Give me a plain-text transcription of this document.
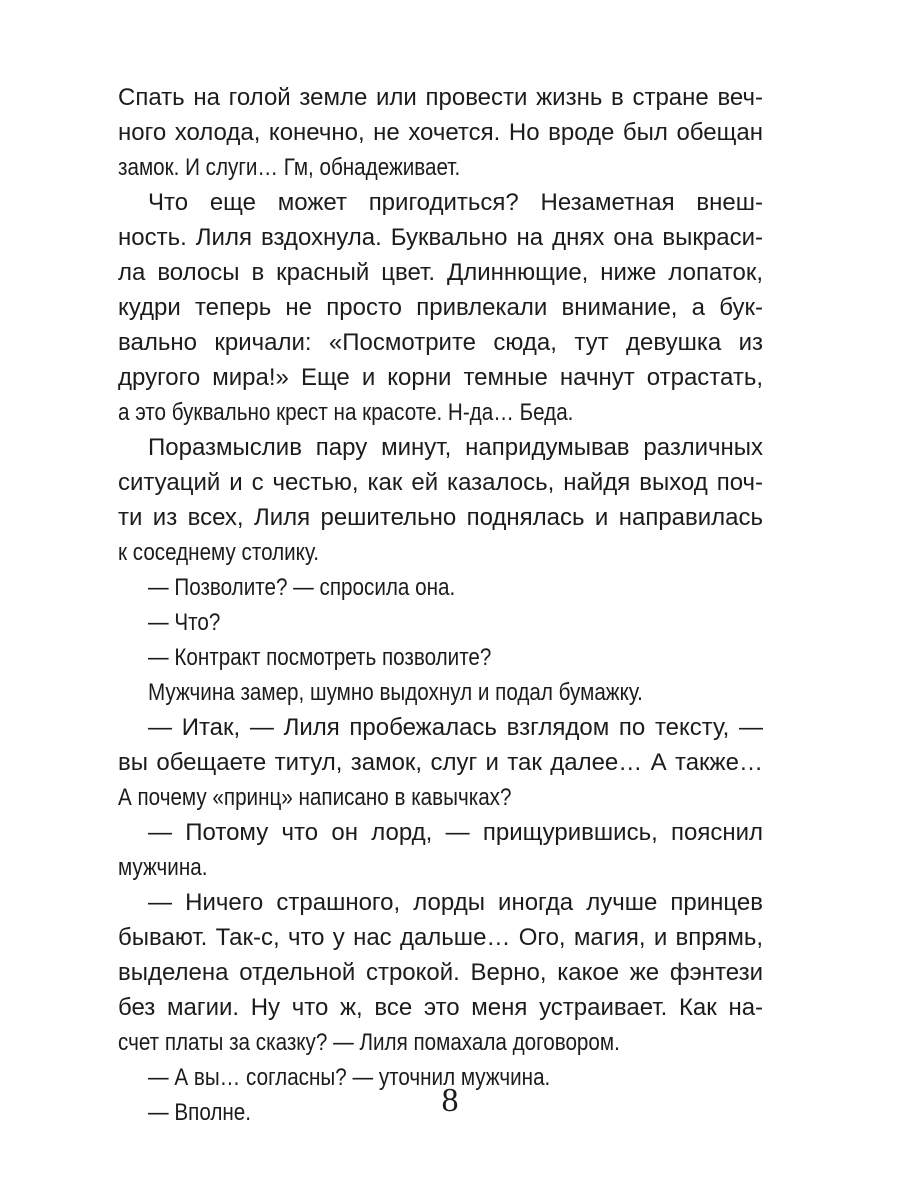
Спать на голой земле или провести жизнь в стране веч-
ного холода, конечно, не хочется. Но вроде был обещан
замок. И слуги… Гм, обнадеживает.
Что еще может пригодиться? Незаметная внеш-
ность. Лиля вздохнула. Буквально на днях она выкраси-
ла волосы в красный цвет. Длиннющие, ниже лопаток,
кудри теперь не просто привлекали внимание, а бук-
вально кричали: «Посмотрите сюда, тут девушка из
другого мира!» Еще и корни темные начнут отрастать,
а это буквально крест на красоте. Н-да… Беда.
Поразмыслив пару минут, напридумывав различных
ситуаций и с честью, как ей казалось, найдя выход поч-
ти из всех, Лиля решительно поднялась и направилась
к соседнему столику.
— Позволите? — спросила она.
— Что?
— Контракт посмотреть позволите?
Мужчина замер, шумно выдохнул и подал бумажку.
— Итак, — Лиля пробежалась взглядом по тексту, —
вы обещаете титул, замок, слуг и так далее… А также…
А почему «принц» написано в кавычках?
— Потому что он лорд, — прищурившись, пояснил
мужчина.
— Ничего страшного, лорды иногда лучше принцев
бывают. Так-с, что у нас дальше… Ого, магия, и впрямь,
выделена отдельной строкой. Верно, какое же фэнтези
без магии. Ну что ж, все это меня устраивает. Как на-
счет платы за сказку? — Лиля помахала договором.
— А вы… согласны? — уточнил мужчина.
— Вполне.	8
